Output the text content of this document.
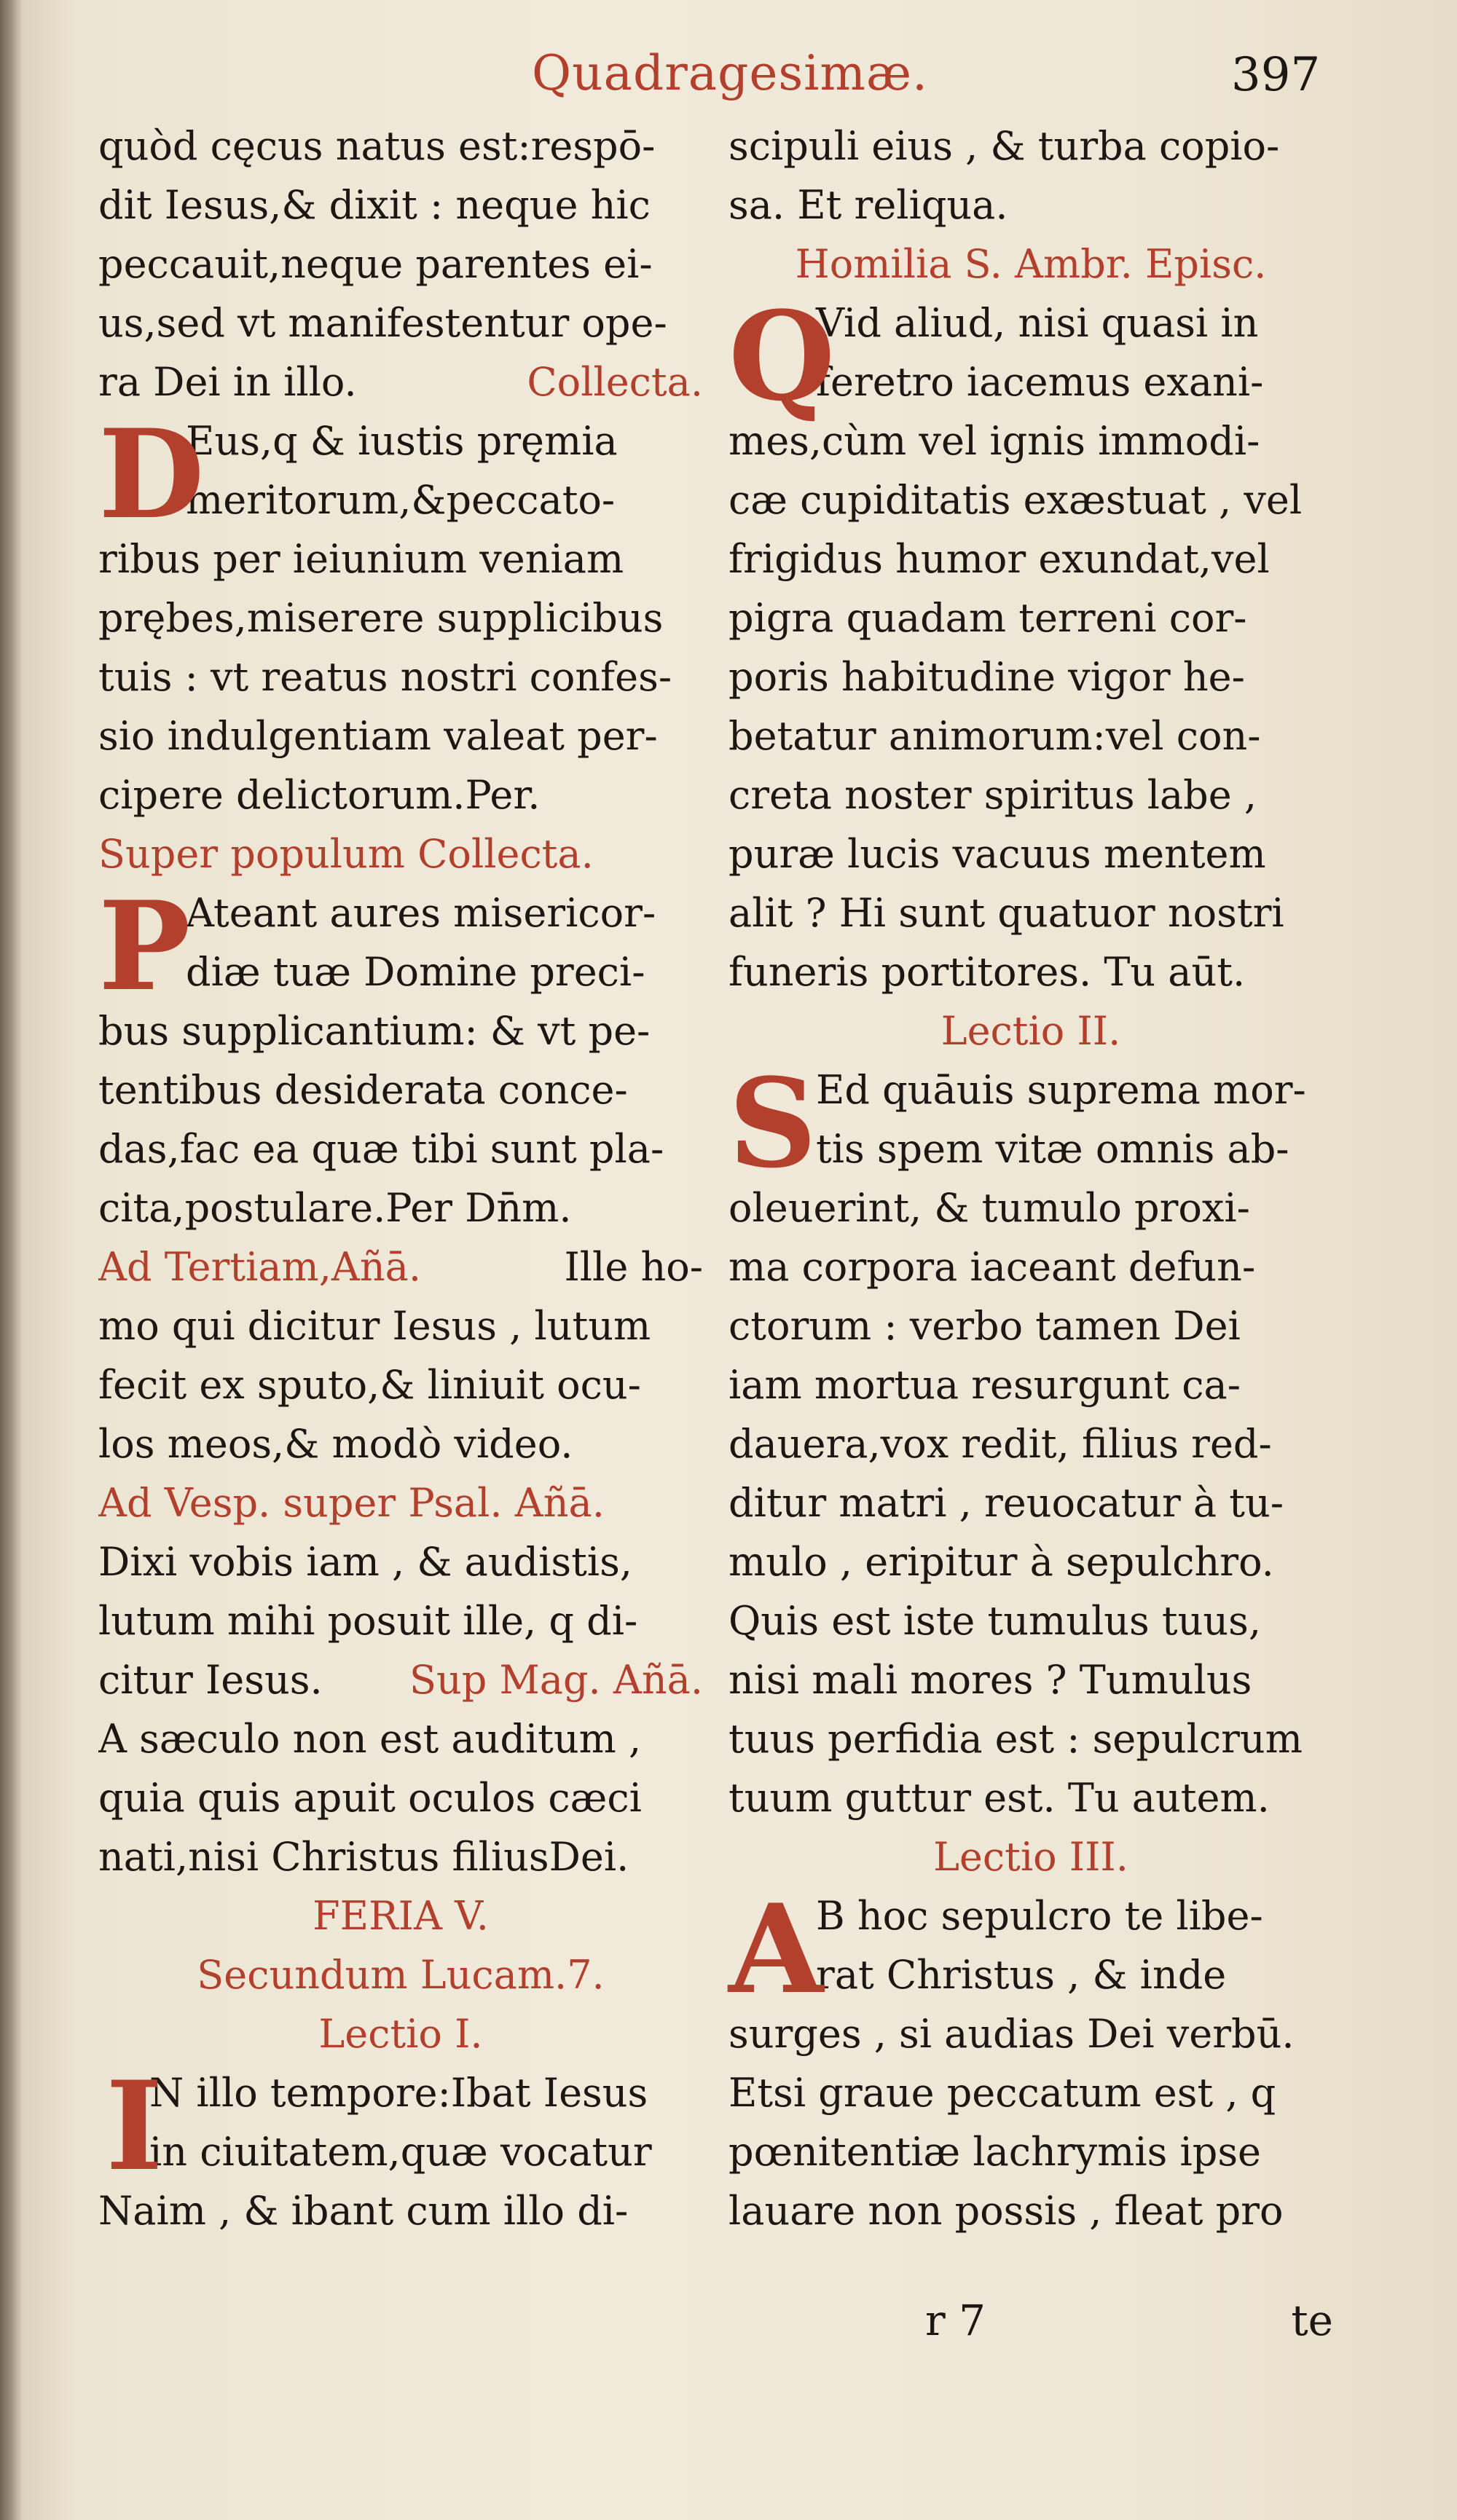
Quadragesimæ.	397
quòd cęcus natus est:respō-
dit Iesus,& dixit : neque hic
peccauit,neque parentes ei-
us,sed vt manifestentur ope-
ra Dei in illo.	Collecta.
D
Eus,q & iustis pręmia
meritorum,&peccato-
ribus per ieiunium veniam
prębes,miserere supplicibus
tuis : vt reatus nostri confes-
sio indulgentiam valeat per-
cipere delictorum.Per.
Super populum Collecta.
P
Ateant aures misericor-
diæ tuæ Domine preci-
bus supplicantium: & vt pe-
tentibus desiderata conce-
das,fac ea quæ tibi sunt pla-
cita,postulare.Per Dn̄m.
Ad Tertiam,Añā.	Ille ho-
mo qui dicitur Iesus , lutum
fecit ex sputo,& liniuit ocu-
los meos,& modò video.
Ad Vesp. super Psal. Añā.
Dixi vobis iam , & audistis,
lutum mihi posuit ille, q di-
citur Iesus. Sup Mag. Añā.
A sæculo non est auditum ,
quia quis apuit oculos cæci
nati,nisi Christus filiusDei.
FERIA V.
Secundum Lucam.7.
Lectio I.
I
N illo tempore:Ibat Iesus
in ciuitatem,quæ vocatur
Naim , & ibant cum illo di-
scipuli eius , & turba copio-
sa. Et reliqua.
Homilia S. Ambr. Episc.
Q
Vid aliud, nisi quasi in
feretro iacemus exani-
mes,cùm vel ignis immodi-
cæ cupiditatis exæstuat , vel
frigidus humor exundat,vel
pigra quadam terreni cor-
poris habitudine vigor he-
betatur animorum:vel con-
creta noster spiritus labe ,
puræ lucis vacuus mentem
alit ? Hi sunt quatuor nostri
funeris portitores. Tu aūt.
Lectio II.
S
Ed quāuis suprema mor-
tis spem vitæ omnis ab-
oleuerint, & tumulo proxi-
ma corpora iaceant defun-
ctorum : verbo tamen Dei
iam mortua resurgunt ca-
dauera,vox redit, filius red-
ditur matri , reuocatur à tu-
mulo , eripitur à sepulchro.
Quis est iste tumulus tuus,
nisi mali mores ? Tumulus
tuus perfidia est : sepulcrum
tuum guttur est. Tu autem.
Lectio III.
A
B hoc sepulcro te libe-
rat Christus , & inde
surges , si audias Dei verbū.
Etsi graue peccatum est , q
pœnitentiæ lachrymis ipse
lauare non possis , fleat pro
r 7	te
